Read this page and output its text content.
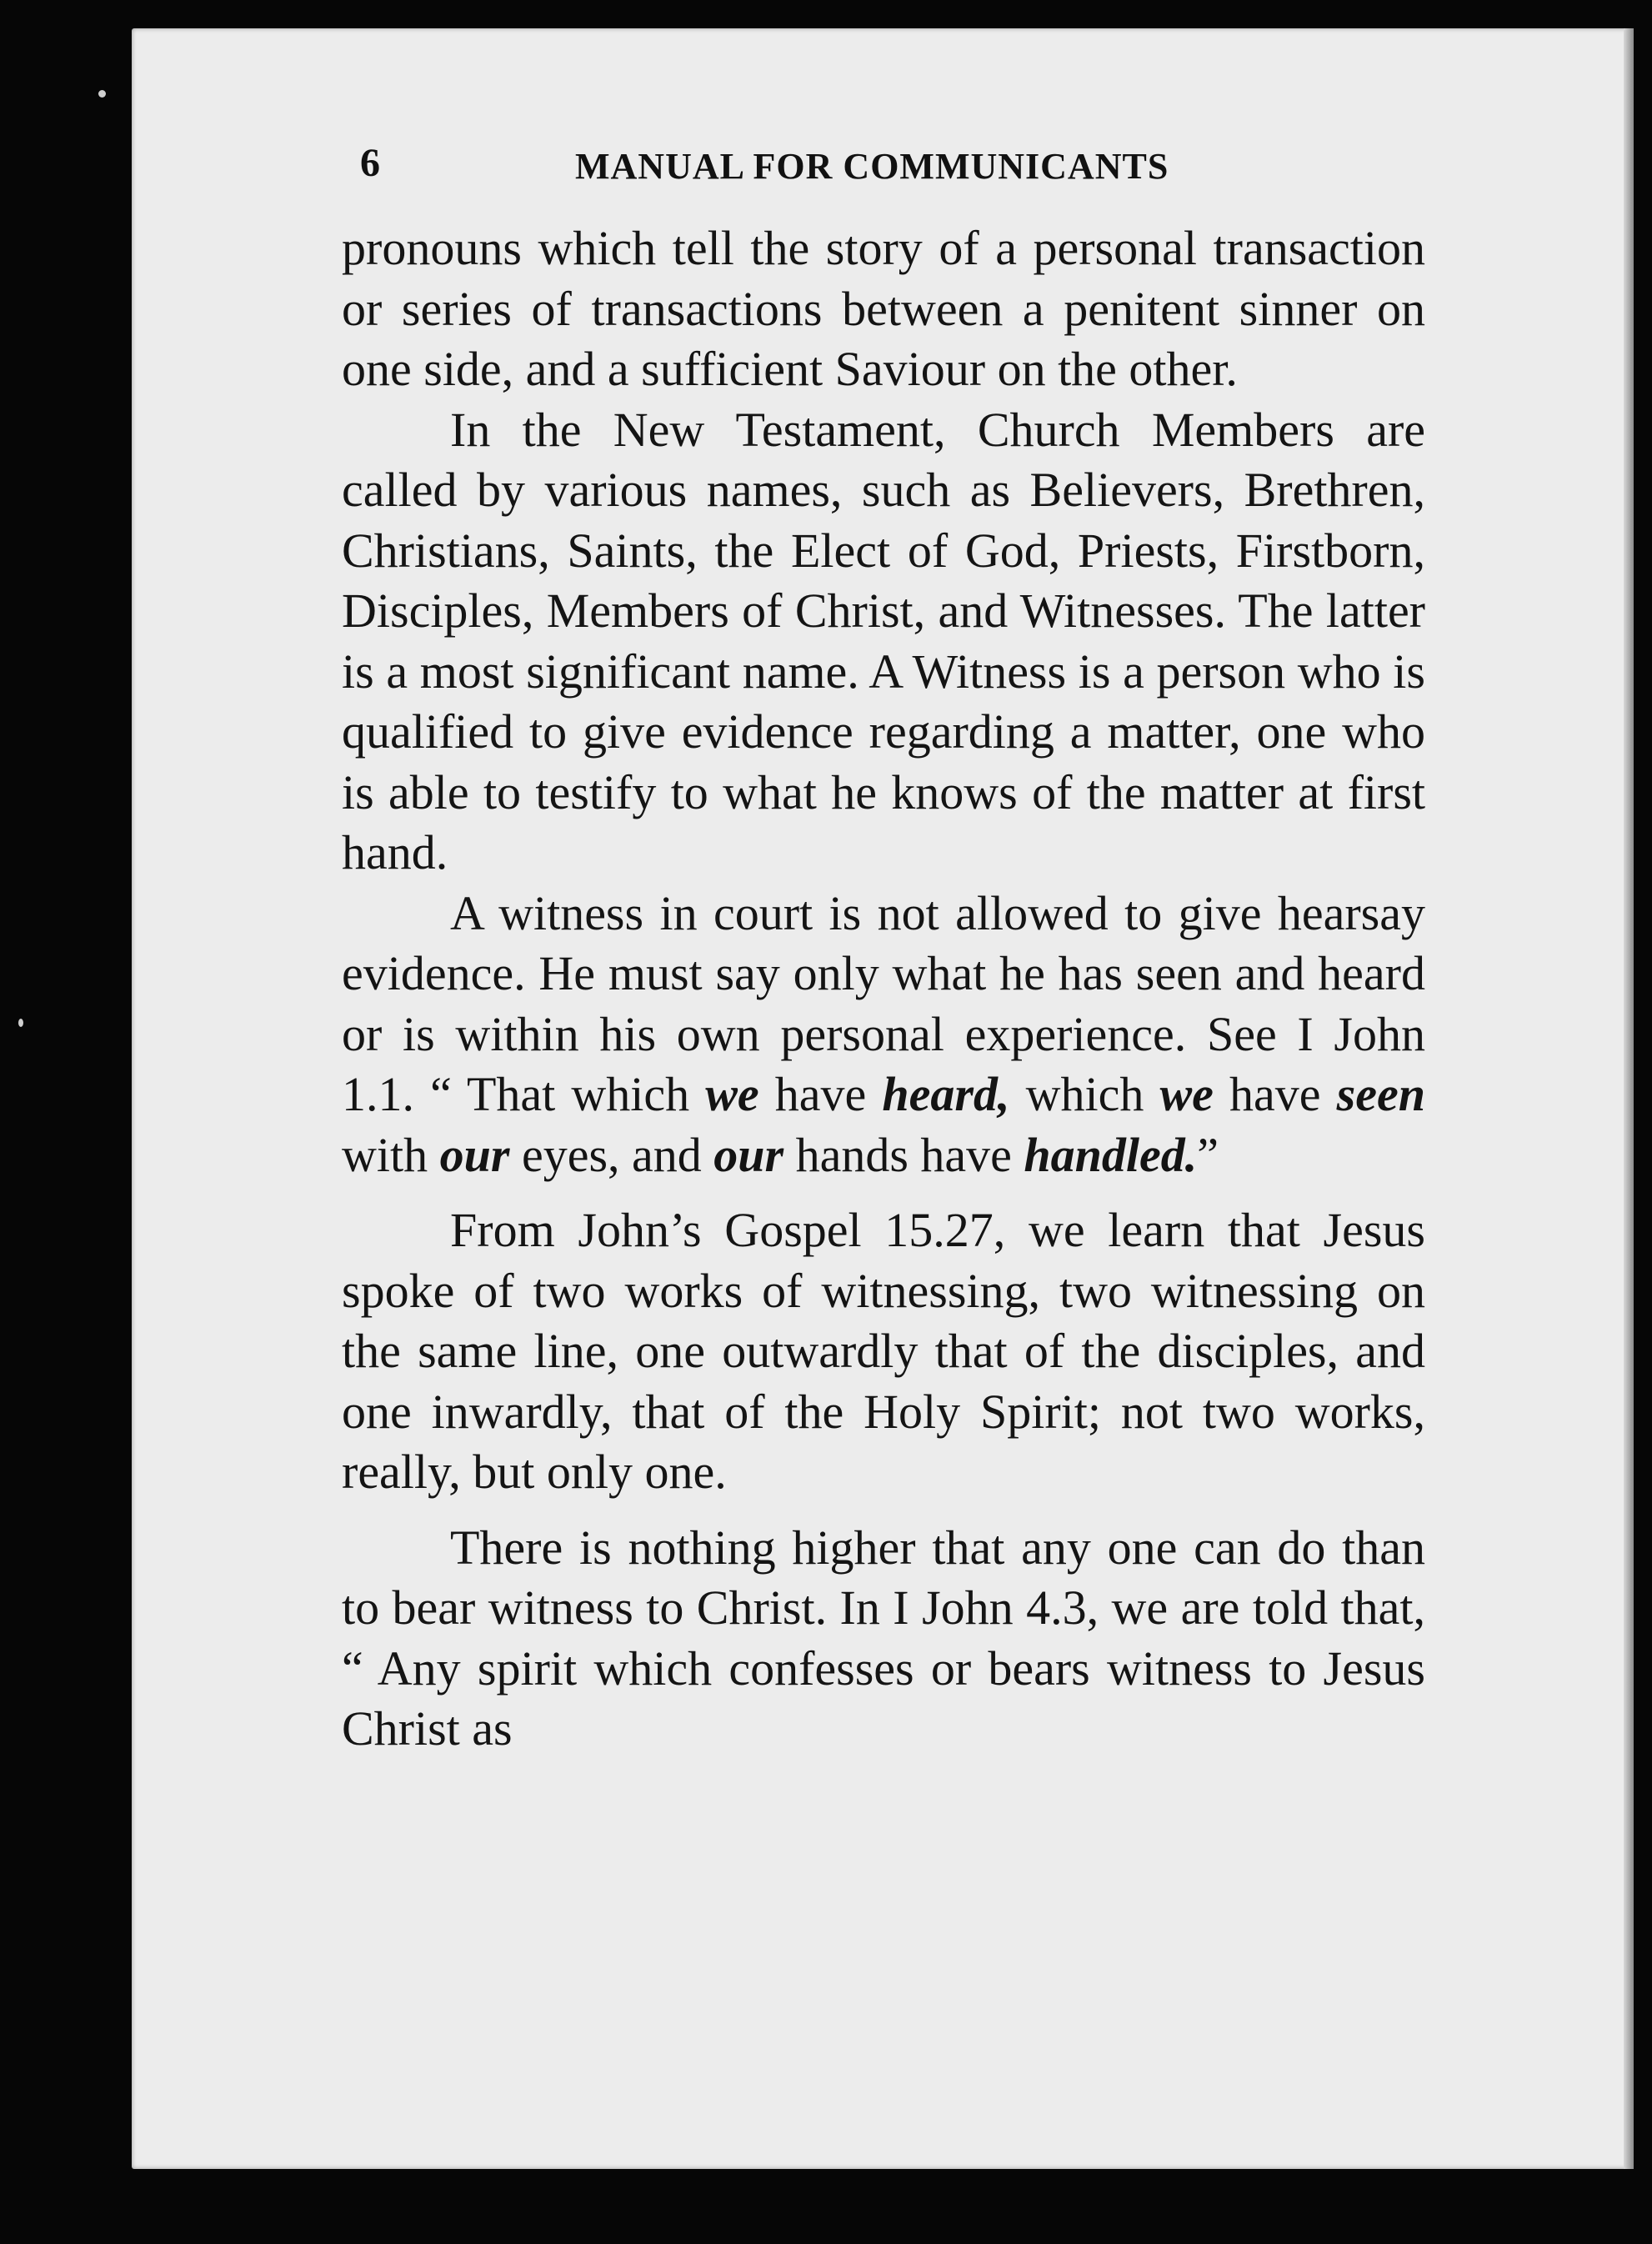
6	MANUAL FOR COMMUNICANTS

pronouns which tell the story of a personal transaction or series of transactions between a penitent sinner on one side, and a sufficient Saviour on the other.

In the New Testament, Church Members are called by various names, such as Believers, Brethren, Christians, Saints, the Elect of God, Priests, Firstborn, Disciples, Members of Christ, and Witnesses. The latter is a most significant name. A Witness is a person who is qualified to give evidence regarding a matter, one who is able to testify to what he knows of the matter at first hand.

A witness in court is not allowed to give hearsay evidence. He must say only what he has seen and heard or is within his own personal experience. See I John 1.1. “ That which we have heard, which we have seen with our eyes, and our hands have handled.”

From John’s Gospel 15.27, we learn that Jesus spoke of two works of witnessing, two witnessing on the same line, one outwardly that of the disciples, and one inwardly, that of the Holy Spirit; not two works, really, but only one.

There is nothing higher that any one can do than to bear witness to Christ. In I John 4.3, we are told that, “ Any spirit which confesses or bears witness to Jesus Christ as
